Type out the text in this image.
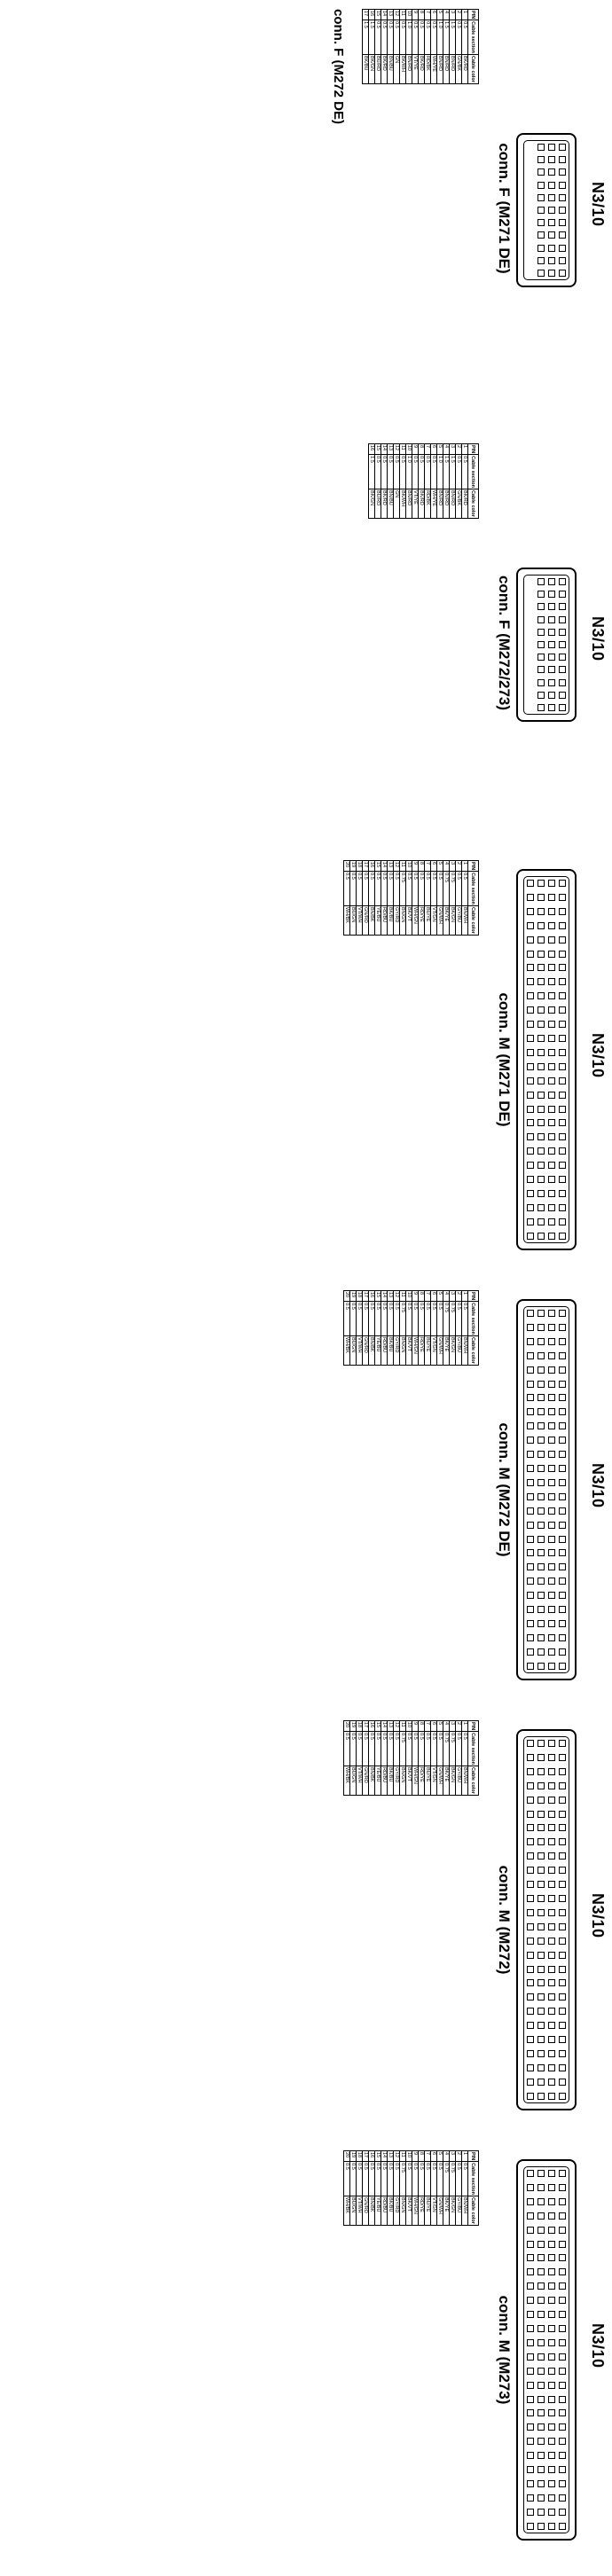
N3/10
conn. F (M271 DE)
PIN	Cable section	Cable color
1	0.5	BK/RD
2	0.5	GN/BK
3	1.5	BN/RD
4	1.5	BN/RD
5	1.0	BN/RD
6	0.5	WH/YE
7	0.5	RD/BK
8	0.5	BK/RD
9	0.5	VT/YE
10	1.0	BN/RD
11	0.5	BK/WH
12	0.5	GN
13	0.5	BN/BU
14	0.5	BK/RD
15	0.5	BU/RD
16	1.5	BK/GN
17	1.5	BK/BU
conn. F (M272 DE)
N3/10
conn. F (M272/273)
PIN	Cable section	Cable color
1	0.5	BK/RD
2	0.5	GN/BK
3	1.5	BN/RD
4	1.5	BN/RD
5	1.0	BN/RD
6	0.5	WH/YE
7	0.5	RD/BK
8	0.5	BK/RD
9	0.5	VT/YE
10	1.0	BN/RD
11	0.5	BK/WH
12	0.5	GN
13	0.5	BN/BU
14	0.5	BK/RD
15	0.5	BU/RD
16	1.5	BK/GN
N3/10
conn. M (M271 DE)
PIN	Cable section	Cable color
1	0.5	BN/WH
2	0.5	GY/BU
3	0.75	BK/GN
4	0.75	BK/YE
5	0.5	GN/WH
6	0.5	VT/GN
7	0.5	BU/YE
8	0.5	RD/YE
9	0.5	WH/GN
10	0.5	BK/VT
11	0.75	BN/GN
12	0.5	GY/RD
13	0.5	BK/BU
14	0.5	RD/BU
15	0.5	YE/BU
16	0.5	BN/BK
17	0.5	GN/RD
18	0.5	VT/WH
19	0.5	BU/GN
20	0.5	WH/BK
N3/10
conn. M (M272 DE)
PIN	Cable section	Cable color
1	0.5	BN/WH
2	0.5	GY/BU
3	0.75	BK/GN
4	0.75	BK/YE
5	0.5	GN/WH
6	0.5	VT/GN
7	0.5	BU/YE
8	0.5	RD/YE
9	0.5	WH/GN
10	0.5	BK/VT
11	0.75	BN/GN
12	0.5	GY/RD
13	0.5	BK/BU
14	0.5	RD/BU
15	0.5	YE/BU
16	0.5	BN/BK
17	0.5	GN/RD
18	0.5	VT/WH
19	0.5	BU/GN
20	0.5	WH/BK
N3/10
conn. M (M272)
PIN	Cable section	Cable color
1	0.5	BN/WH
2	0.5	GY/BU
3	0.75	BK/GN
4	0.75	BK/YE
5	0.5	GN/WH
6	0.5	VT/GN
7	0.5	BU/YE
8	0.5	RD/YE
9	0.5	WH/GN
10	0.5	BK/VT
11	0.75	BN/GN
12	0.5	GY/RD
13	0.5	BK/BU
14	0.5	RD/BU
15	0.5	YE/BU
16	0.5	BN/BK
17	0.5	GN/RD
18	0.5	VT/WH
19	0.5	BU/GN
20	0.5	WH/BK
N3/10
conn. M (M273)
PIN	Cable section	Cable color
1	0.5	BN/WH
2	0.5	GY/BU
3	0.75	BK/GN
4	0.75	BK/YE
5	0.5	GN/WH
6	0.5	VT/GN
7	0.5	BU/YE
8	0.5	RD/YE
9	0.5	WH/GN
10	0.5	BK/VT
11	0.75	BN/GN
12	0.5	GY/RD
13	0.5	BK/BU
14	0.5	RD/BU
15	0.5	YE/BU
16	0.5	BN/BK
17	0.5	GN/RD
18	0.5	VT/WH
19	0.5	BU/GN
20	0.5	WH/BK
